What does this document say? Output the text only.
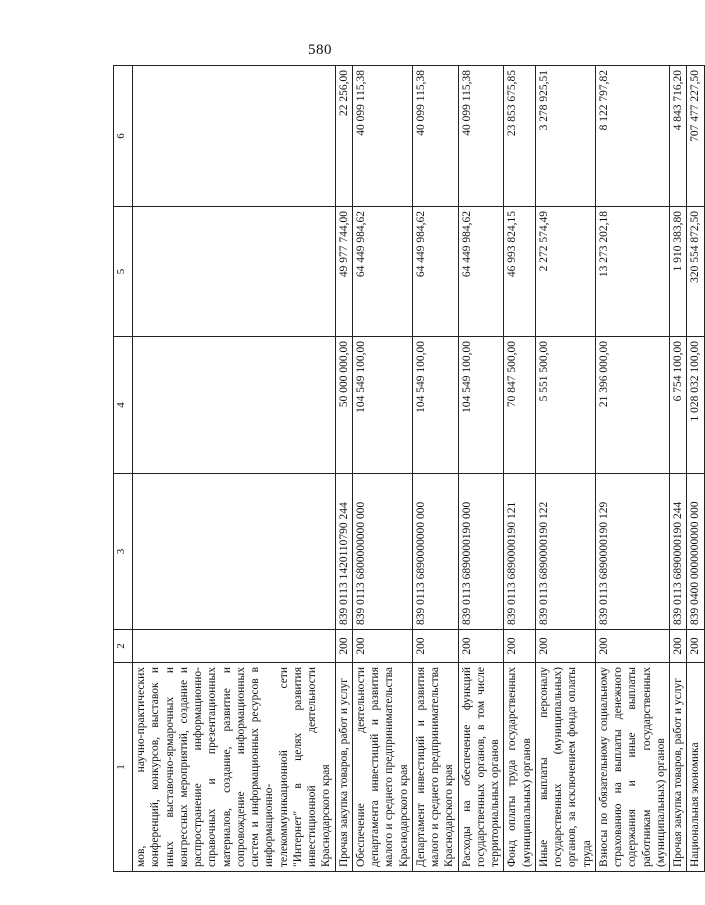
580
1	2	3	4	5	6
мов, научно-практических конференций, конкурсов, выставок и иных выставочно-ярмарочных и конгрессных мероприятий, создание и распространение информационно-справочных и презентационных материалов, создание, развитие и сопровождение информационных систем и информационных ресурсов в информационно-телекоммуникационной сети "Интернет" в целях развития инвестиционной деятельности Краснодарского края					
Прочая закупка товаров, работ и услуг	200	839 0113 1420110790 244	50 000 000,00	49 977 744,00	22 256,00
Обеспечение деятельности департамента инвестиций и развития малого и среднего предпринимательства Краснодарского края	200	839 0113 6800000000 000	104 549 100,00	64 449 984,62	40 099 115,38
Департамент инвестиций и развития малого и среднего предпринимательства Краснодарского края	200	839 0113 6890000000 000	104 549 100,00	64 449 984,62	40 099 115,38
Расходы на обеспечение функций государственных органов, в том числе территориальных органов	200	839 0113 6890000190 000	104 549 100,00	64 449 984,62	40 099 115,38
Фонд оплаты труда государственных (муниципальных) органов	200	839 0113 6890000190 121	70 847 500,00	46 993 824,15	23 853 675,85
Иные выплаты персоналу государственных (муниципальных) органов, за исключением фонда оплаты труда	200	839 0113 6890000190 122	5 551 500,00	2 272 574,49	3 278 925,51
Взносы по обязательному социальному страхованию на выплаты денежного содержания и иные выплаты работникам государственных (муниципальных) органов	200	839 0113 6890000190 129	21 396 000,00	13 273 202,18	8 122 797,82
Прочая закупка товаров, работ и услуг	200	839 0113 6890000190 244	6 754 100,00	1 910 383,80	4 843 716,20
Национальная экономика	200	839 0400 0000000000 000	1 028 032 100,00	320 554 872,50	707 477 227,50
